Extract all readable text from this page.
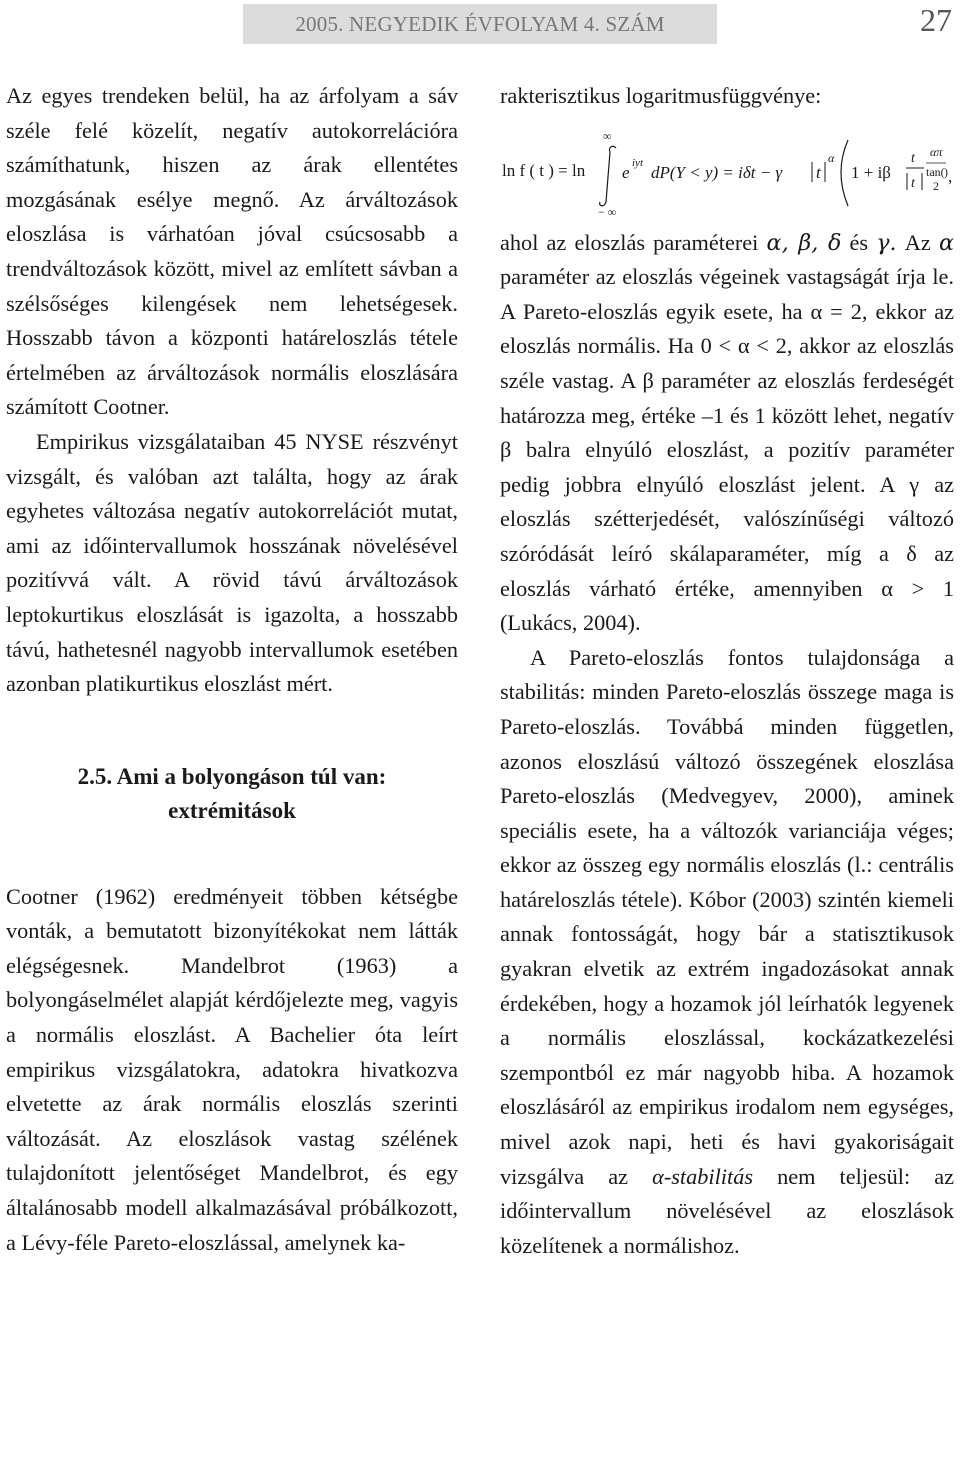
2005. NEGYEDIK ÉVFOLYAM 4. SZÁM	27

Az egyes trendeken belül, ha az árfolyam a sáv széle felé közelít, negatív autokorrelációra számíthatunk, hiszen az árak ellentétes mozgásának esélye megnő. Az árváltozások eloszlása is várhatóan jóval csúcsosabb a trendváltozások között, mivel az említett sávban a szélsőséges kilengések nem lehetségesek. Hosszabb távon a központi határeloszlás tétele értelmében az árváltozások normális eloszlására számított Cootner.

Empirikus vizsgálataiban 45 NYSE részvényt vizsgált, és valóban azt találta, hogy az árak egyhetes változása negatív autokorrelációt mutat, ami az időintervallumok hosszának növelésével pozitívvá vált. A rövid távú árváltozások leptokurtikus eloszlását is igazolta, a hosszabb távú, hathetesnél nagyobb intervallumok esetében azonban platikurtikus eloszlást mért.

2.5. Ami a bolyongáson túl van:
extrémitások

Cootner (1962) eredményeit többen kétségbe vonták, a bemutatott bizonyítékokat nem látták elégségesnek. Mandelbrot (1963) a bolyongáselmélet alapját kérdőjelezte meg, vagyis a normális eloszlást. A Bachelier óta leírt empirikus vizsgálatokra, adatokra hivatkozva elvetette az árak normális eloszlás szerinti változását. Az eloszlások vastag szélének tulajdonított jelentőséget Mandelbrot, és egy általánosabb modell alkalmazásával próbálkozott, a Lévy-féle Pareto-eloszlással, amelynek ka-

rakterisztikus logaritmusfüggvénye:

ln f ( t ) = ln
∞
− ∞
e iyt dP(Y < y) = iδt − γ t
α
1 + iβ
t
t
tan(
απ
2
) ,

ahol az eloszlás paraméterei α, β, δ és γ. Az α paraméter az eloszlás végeinek vastagságát írja le. A Pareto-eloszlás egyik esete, ha α = 2, ekkor az eloszlás normális. Ha 0 < α < 2, akkor az eloszlás széle vastag. A β paraméter az eloszlás ferdeségét határozza meg, értéke –1 és 1 között lehet, negatív β balra elnyúló eloszlást, a pozitív paraméter pedig jobbra elnyúló eloszlást jelent. A γ az eloszlás szétterjedését, valószínűségi változó szóródását leíró skálaparaméter, míg a δ az eloszlás várható értéke, amennyiben α > 1 (Lukács, 2004).

A Pareto-eloszlás fontos tulajdonsága a stabilitás: minden Pareto-eloszlás összege maga is Pareto-eloszlás. Továbbá minden független, azonos eloszlású változó összegének eloszlása Pareto-eloszlás (Medvegyev, 2000), aminek speciális esete, ha a változók varianciája véges; ekkor az összeg egy normális eloszlás (l.: centrális határeloszlás tétele). Kóbor (2003) szintén kiemeli annak fontosságát, hogy bár a statisztikusok gyakran elvetik az extrém ingadozásokat annak érdekében, hogy a hozamok jól leírhatók legyenek a normális eloszlással, kockázatkezelési szempontból ez már nagyobb hiba. A hozamok eloszlásáról az empirikus irodalom nem egységes, mivel azok napi, heti és havi gyakoriságait vizsgálva az α-stabilitás nem teljesül: az időintervallum növelésével az eloszlások közelítenek a normálishoz.
